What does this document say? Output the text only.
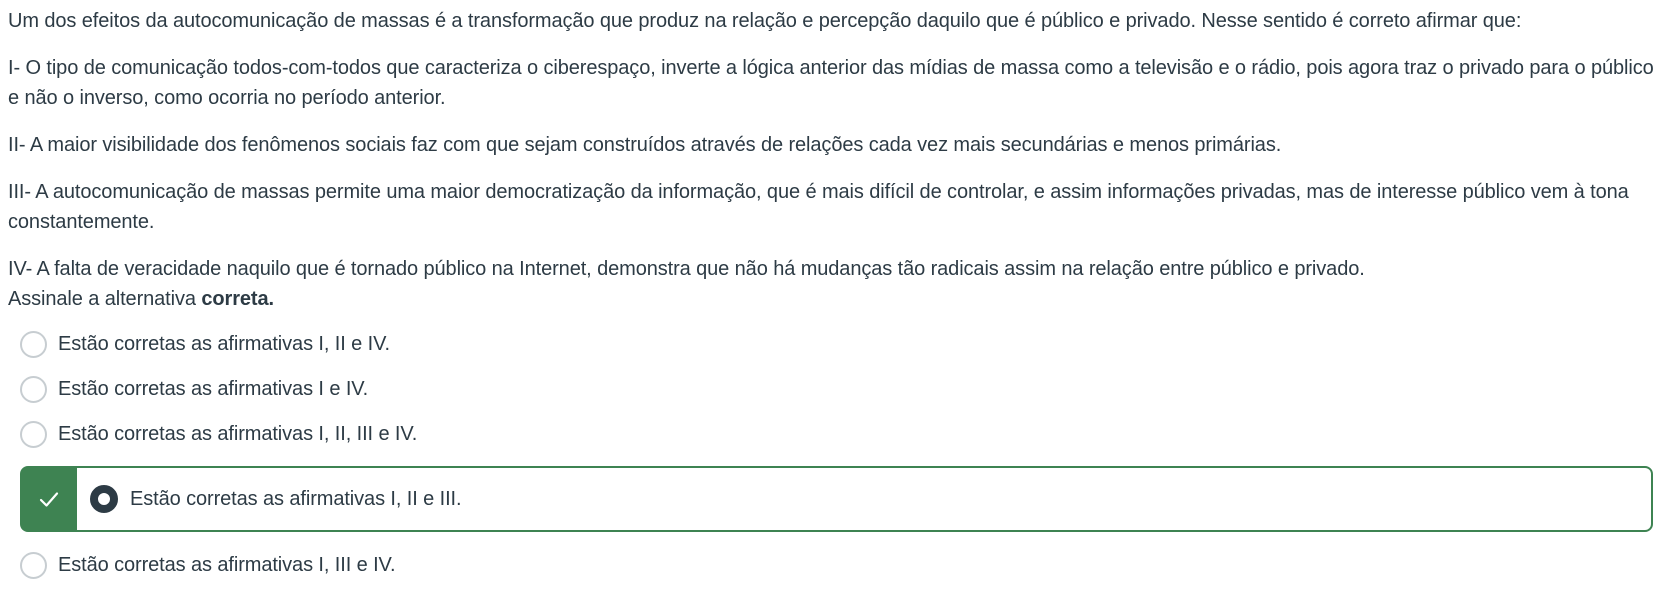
Um dos efeitos da autocomunicação de massas é a transformação que produz na relação e percepção daquilo que é público e privado. Nesse sentido é correto afirmar que:

I- O tipo de comunicação todos-com-todos que caracteriza o ciberespaço, inverte a lógica anterior das mídias de massa como a televisão e o rádio, pois agora traz o privado para o público e não o inverso, como ocorria no período anterior.

II- A maior visibilidade dos fenômenos sociais faz com que sejam construídos através de relações cada vez mais secundárias e menos primárias.

III- A autocomunicação de massas permite uma maior democratização da informação, que é mais difícil de controlar, e assim informações privadas, mas de interesse público vem à tona constantemente.

IV- A falta de veracidade naquilo que é tornado público na Internet, demonstra que não há mudanças tão radicais assim na relação entre público e privado.

Assinale a alternativa correta.

Estão corretas as afirmativas I, II e IV.
Estão corretas as afirmativas I e IV.
Estão corretas as afirmativas I, II, III e IV.
Estão corretas as afirmativas I, II e III.
Estão corretas as afirmativas I, III e IV.
